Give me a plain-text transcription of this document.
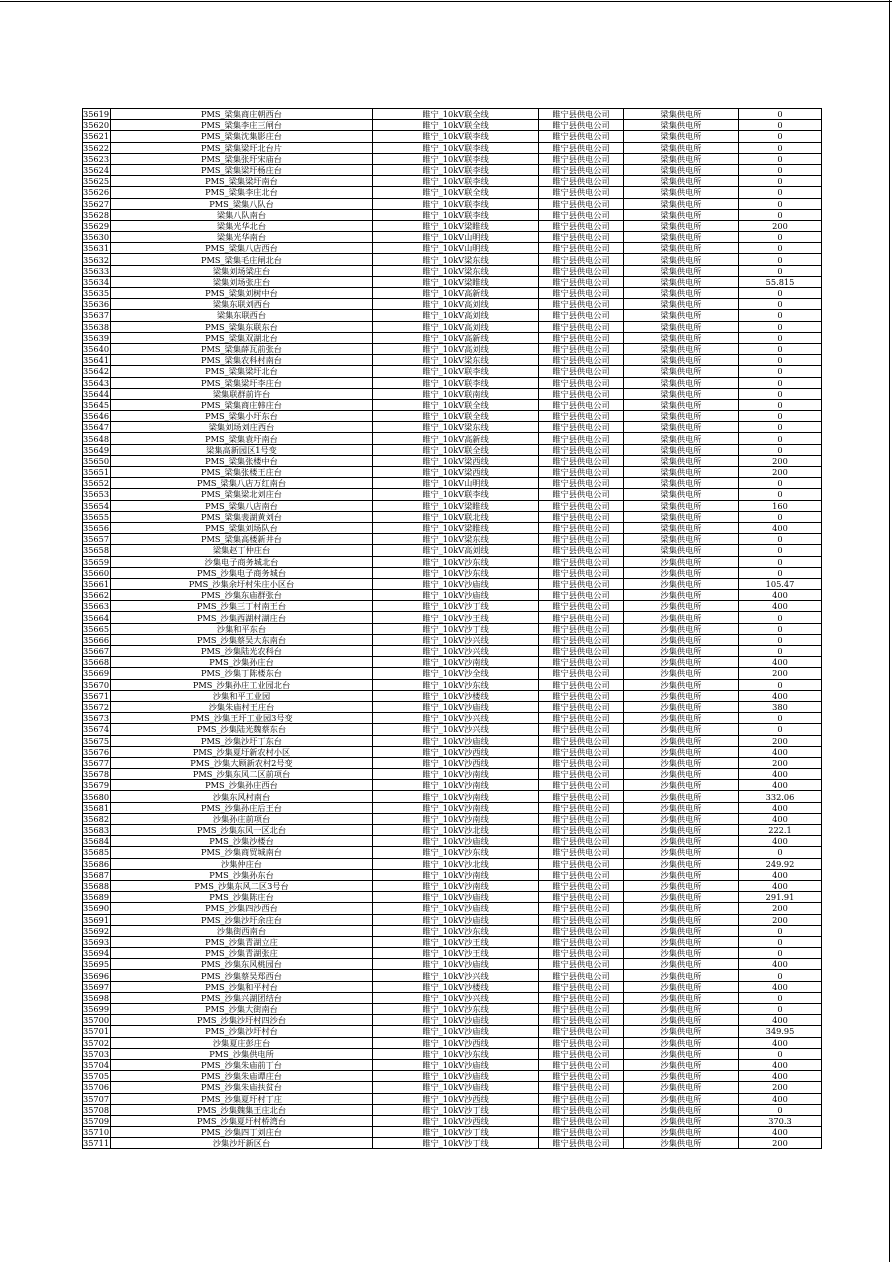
35619	PMS_梁集商庄朝西台	睢宁_10kV联全线	睢宁县供电公司	梁集供电所	0
35620	PMS_梁集李庄三闸台	睢宁_10kV联全线	睢宁县供电公司	梁集供电所	0
35621	PMS_梁集沈集影庄台	睢宁_10kV联李线	睢宁县供电公司	梁集供电所	0
35622	PMS_梁集梁圩北台片	睢宁_10kV联李线	睢宁县供电公司	梁集供电所	0
35623	PMS_梁集张圩宋庙台	睢宁_10kV联李线	睢宁县供电公司	梁集供电所	0
35624	PMS_梁集梁圩杨庄台	睢宁_10kV联李线	睢宁县供电公司	梁集供电所	0
35625	PMS_梁集梁圩南台	睢宁_10kV联李线	睢宁县供电公司	梁集供电所	0
35626	PMS_梁集李庄北台	睢宁_10kV联全线	睢宁县供电公司	梁集供电所	0
35627	PMS_梁集八队台	睢宁_10kV联李线	睢宁县供电公司	梁集供电所	0
35628	梁集八队南台	睢宁_10kV联李线	睢宁县供电公司	梁集供电所	0
35629	梁集光华北台	睢宁_10kV梁睢线	睢宁县供电公司	梁集供电所	200
35630	梁集光华南台	睢宁_10kV山明线	睢宁县供电公司	梁集供电所	0
35631	PMS_梁集八店西台	睢宁_10kV山明线	睢宁县供电公司	梁集供电所	0
35632	PMS_梁集毛庄闸北台	睢宁_10kV梁东线	睢宁县供电公司	梁集供电所	0
35633	梁集刘场梁庄台	睢宁_10kV梁东线	睢宁县供电公司	梁集供电所	0
35634	梁集刘场张庄台	睢宁_10kV梁睢线	睢宁县供电公司	梁集供电所	55.815
35635	PMS_梁集刘树中台	睢宁_10kV高新线	睢宁县供电公司	梁集供电所	0
35636	梁集东联刘西台	睢宁_10kV高刘线	睢宁县供电公司	梁集供电所	0
35637	梁集东联西台	睢宁_10kV高刘线	睢宁县供电公司	梁集供电所	0
35638	PMS_梁集东联东台	睢宁_10kV高刘线	睢宁县供电公司	梁集供电所	0
35639	PMS_梁集双湖北台	睢宁_10kV高新线	睢宁县供电公司	梁集供电所	0
35640	PMS_梁集薛瓦前张台	睢宁_10kV高刘线	睢宁县供电公司	梁集供电所	0
35641	PMS_梁集农科村南台	睢宁_10kV梁东线	睢宁县供电公司	梁集供电所	0
35642	PMS_梁集梁圩北台	睢宁_10kV联李线	睢宁县供电公司	梁集供电所	0
35643	PMS_梁集梁圩李庄台	睢宁_10kV联李线	睢宁县供电公司	梁集供电所	0
35644	梁集联群前许台	睢宁_10kV联南线	睢宁县供电公司	梁集供电所	0
35645	PMS_梁集商庄韩庄台	睢宁_10kV联全线	睢宁县供电公司	梁集供电所	0
35646	PMS_梁集小圩东台	睢宁_10kV联全线	睢宁县供电公司	梁集供电所	0
35647	梁集刘场刘庄西台	睢宁_10kV梁东线	睢宁县供电公司	梁集供电所	0
35648	PMS_梁集袁圩南台	睢宁_10kV高新线	睢宁县供电公司	梁集供电所	0
35649	梁集高新园区1号变	睢宁_10kV联全线	睢宁县供电公司	梁集供电所	0
35650	PMS_梁集张楼中台	睢宁_10kV梁西线	睢宁县供电公司	梁集供电所	200
35651	PMS_梁集张楼王庄台	睢宁_10kV梁西线	睢宁县供电公司	梁集供电所	200
35652	PMS_梁集八店万红南台	睢宁_10kV山明线	睢宁县供电公司	梁集供电所	0
35653	PMS_梁集梁北刘庄台	睢宁_10kV联李线	睢宁县供电公司	梁集供电所	0
35654	PMS_梁集八店南台	睢宁_10kV梁睢线	睢宁县供电公司	梁集供电所	160
35655	PMS_梁集裴湖黄刘台	睢宁_10kV联北线	睢宁县供电公司	梁集供电所	0
35656	PMS_梁集刘场队台	睢宁_10kV梁睢线	睢宁县供电公司	梁集供电所	400
35657	PMS_梁集高楼新井台	睢宁_10kV梁东线	睢宁县供电公司	梁集供电所	0
35658	梁集赵丁仲庄台	睢宁_10kV高刘线	睢宁县供电公司	梁集供电所	0
35659	沙集电子商务城北台	睢宁_10kV沙东线	睢宁县供电公司	沙集供电所	0
35660	PMS_沙集电子商务城台	睢宁_10kV沙东线	睢宁县供电公司	沙集供电所	0
35661	PMS_沙集余圩村朱庄小区台	睢宁_10kV沙庙线	睢宁县供电公司	沙集供电所	105.47
35662	PMS_沙集东庙群张台	睢宁_10kV沙庙线	睢宁县供电公司	沙集供电所	400
35663	PMS_沙集三丁村南王台	睢宁_10kV沙丁线	睢宁县供电公司	沙集供电所	400
35664	PMS_沙集西湖村湖庄台	睢宁_10kV沙王线	睢宁县供电公司	沙集供电所	0
35665	沙集和平东台	睢宁_10kV沙丁线	睢宁县供电公司	沙集供电所	0
35666	PMS_沙集蔡吴大东南台	睢宁_10kV沙兴线	睢宁县供电公司	沙集供电所	0
35667	PMS_沙集陆光农科台	睢宁_10kV沙兴线	睢宁县供电公司	沙集供电所	0
35668	PMS_沙集孙庄台	睢宁_10kV沙南线	睢宁县供电公司	沙集供电所	400
35669	PMS_沙集丁陈楼东台	睢宁_10kV沙全线	睢宁县供电公司	沙集供电所	200
35670	PMS_沙集孙庄工业园北台	睢宁_10kV沙东线	睢宁县供电公司	沙集供电所	0
35671	沙集和平工业园	睢宁_10kV沙楼线	睢宁县供电公司	沙集供电所	400
35672	沙集朱庙村王庄台	睢宁_10kV沙庙线	睢宁县供电公司	沙集供电所	380
35673	PMS_沙集王圩工业园3号变	睢宁_10kV沙兴线	睢宁县供电公司	沙集供电所	0
35674	PMS_沙集陆光魏蔡东台	睢宁_10kV沙兴线	睢宁县供电公司	沙集供电所	0
35675	PMS_沙集沙圩丁东台	睢宁_10kV沙庙线	睢宁县供电公司	沙集供电所	200
35676	PMS_沙集夏圩新农村小区	睢宁_10kV沙西线	睢宁县供电公司	沙集供电所	400
35677	PMS_沙集大顾新农村2号变	睢宁_10kV沙西线	睢宁县供电公司	沙集供电所	200
35678	PMS_沙集东风二区前项台	睢宁_10kV沙南线	睢宁县供电公司	沙集供电所	400
35679	PMS_沙集孙庄西台	睢宁_10kV沙南线	睢宁县供电公司	沙集供电所	400
35680	沙集东风村南台	睢宁_10kV沙南线	睢宁县供电公司	沙集供电所	332.06
35681	PMS_沙集孙庄后王台	睢宁_10kV沙南线	睢宁县供电公司	沙集供电所	400
35682	沙集孙庄前项台	睢宁_10kV沙南线	睢宁县供电公司	沙集供电所	400
35683	PMS_沙集东风一区北台	睢宁_10kV沙北线	睢宁县供电公司	沙集供电所	222.1
35684	PMS_沙集沙楼台	睢宁_10kV沙庙线	睢宁县供电公司	沙集供电所	400
35685	PMS_沙集商贸城南台	睢宁_10kV沙东线	睢宁县供电公司	沙集供电所	0
35686	沙集仲庄台	睢宁_10kV沙北线	睢宁县供电公司	沙集供电所	249.92
35687	PMS_沙集孙东台	睢宁_10kV沙南线	睢宁县供电公司	沙集供电所	400
35688	PMS_沙集东风二区3号台	睢宁_10kV沙南线	睢宁县供电公司	沙集供电所	400
35689	PMS_沙集陈庄台	睢宁_10kV沙庙线	睢宁县供电公司	沙集供电所	291.91
35690	PMS_沙集四沙西台	睢宁_10kV沙庙线	睢宁县供电公司	沙集供电所	200
35691	PMS_沙集沙圩余庄台	睢宁_10kV沙庙线	睢宁县供电公司	沙集供电所	200
35692	沙集街西南台	睢宁_10kV沙东线	睢宁县供电公司	沙集供电所	0
35693	PMS_沙集青湖立庄	睢宁_10kV沙王线	睢宁县供电公司	沙集供电所	0
35694	PMS_沙集青湖张庄	睢宁_10kV沙王线	睢宁县供电公司	沙集供电所	0
35695	PMS_沙集东风桃园台	睢宁_10kV沙庙线	睢宁县供电公司	沙集供电所	400
35696	PMS_沙集蔡吴郑西台	睢宁_10kV沙兴线	睢宁县供电公司	沙集供电所	0
35697	PMS_沙集和平村台	睢宁_10kV沙楼线	睢宁县供电公司	沙集供电所	400
35698	PMS_沙集兴湖团结台	睢宁_10kV沙兴线	睢宁县供电公司	沙集供电所	0
35699	PMS_沙集大街南台	睢宁_10kV沙东线	睢宁县供电公司	沙集供电所	0
35700	PMS_沙集沙圩村四沙台	睢宁_10kV沙庙线	睢宁县供电公司	沙集供电所	400
35701	PMS_沙集沙圩村台	睢宁_10kV沙庙线	睢宁县供电公司	沙集供电所	349.95
35702	沙集夏庄彭庄台	睢宁_10kV沙西线	睢宁县供电公司	沙集供电所	400
35703	PMS_沙集供电所	睢宁_10kV沙东线	睢宁县供电公司	沙集供电所	0
35704	PMS_沙集朱庙前丁台	睢宁_10kV沙庙线	睢宁县供电公司	沙集供电所	400
35705	PMS_沙集朱庙谭庄台	睢宁_10kV沙庙线	睢宁县供电公司	沙集供电所	400
35706	PMS_沙集朱庙扶贫台	睢宁_10kV沙庙线	睢宁县供电公司	沙集供电所	200
35707	PMS_沙集夏圩村丁庄	睢宁_10kV沙西线	睢宁县供电公司	沙集供电所	400
35708	PMS_沙集魏集王庄北台	睢宁_10kV沙丁线	睢宁县供电公司	沙集供电所	0
35709	PMS_沙集夏圩村桥湾台	睢宁_10kV沙西线	睢宁县供电公司	沙集供电所	370.3
35710	PMS_沙集四丁刘庄台	睢宁_10kV沙丁线	睢宁县供电公司	沙集供电所	400
35711	沙集沙圩新区台	睢宁_10kV沙丁线	睢宁县供电公司	沙集供电所	200
